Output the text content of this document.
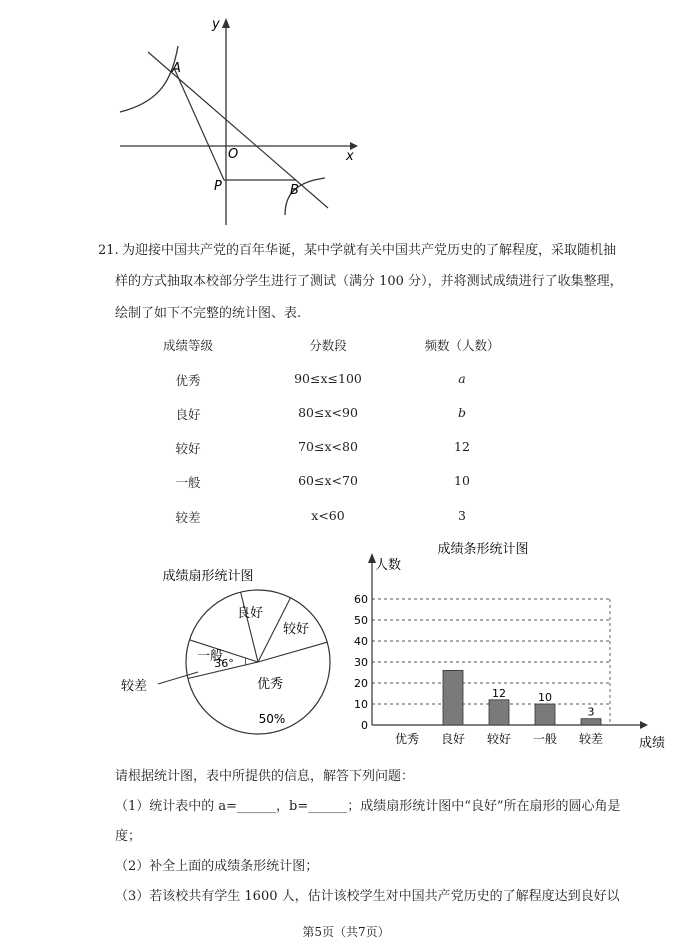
y
x
O
A
P	B
21. 为迎接中国共产党的百年华诞，某中学就有关中国共产党历史的了解程度，采取随机抽
样的方式抽取本校部分学生进行了测试（满分 100 分），并将测试成绩进行了收集整理，
绘制了如下不完整的统计图、表.
成绩等级	分数段	频数（人数）
优秀	90≤x≤100	a
良好	80≤x<90	b
较好	70≤x<80	12
一般	60≤x<70	10
较差	x<60	3
成绩扇形统计图
良好
较好
一般
36°
较差	优秀
50%
成绩条形统计图
人数
成绩
12	10
3
0
10
20
30
40
50
60
优秀 良好 较好 一般 较差
请根据统计图，表中所提供的信息，解答下列问题：
（1）统计表中的 a=______，b=______；成绩扇形统计图中“良好”所在扇形的圆心角是
度；
（2）补全上面的成绩条形统计图；
（3）若该校共有学生 1600 人，估计该校学生对中国共产党历史的了解程度达到良好以
第5页（共7页）
